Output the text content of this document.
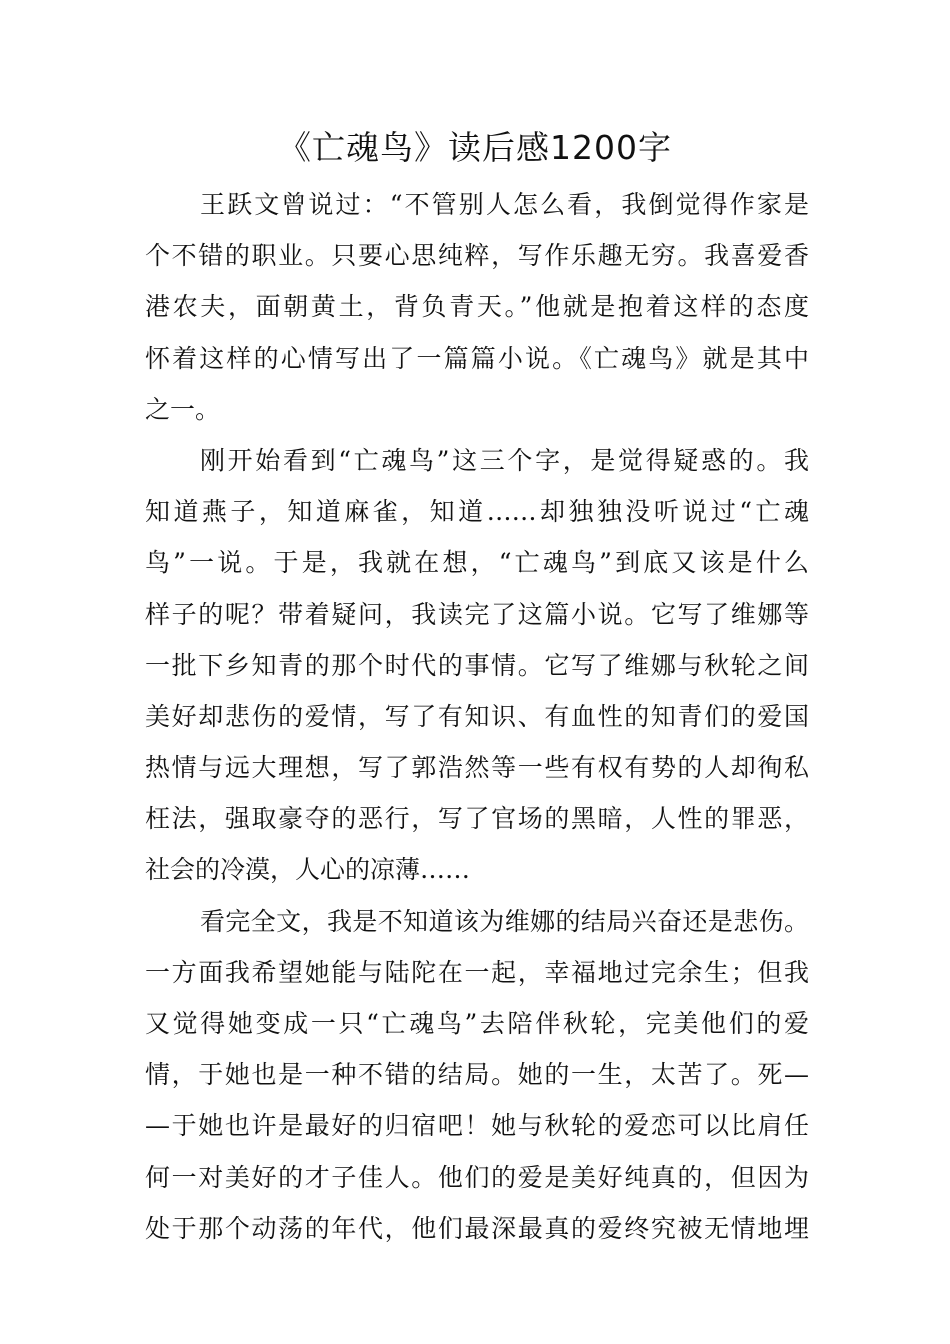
《亡魂鸟》读后感1200字
王跃文曾说过：“不管别人怎么看，我倒觉得作家是
个不错的职业。只要心思纯粹，写作乐趣无穷。我喜爱香
港农夫，面朝黄土，背负青天。”他就是抱着这样的态度
怀着这样的心情写出了一篇篇小说。《亡魂鸟》就是其中
之一。
刚开始看到“亡魂鸟”这三个字，是觉得疑惑的。我
知道燕子，知道麻雀，知道……却独独没听说过“亡魂
鸟”一说。于是，我就在想，“亡魂鸟”到底又该是什么
样子的呢？带着疑问，我读完了这篇小说。它写了维娜等
一批下乡知青的那个时代的事情。它写了维娜与秋轮之间
美好却悲伤的爱情，写了有知识、有血性的知青们的爱国
热情与远大理想，写了郭浩然等一些有权有势的人却徇私
枉法，强取豪夺的恶行，写了官场的黑暗，人性的罪恶，
社会的冷漠，人心的凉薄……
看完全文，我是不知道该为维娜的结局兴奋还是悲伤。
一方面我希望她能与陆陀在一起，幸福地过完余生；但我
又觉得她变成一只“亡魂鸟”去陪伴秋轮，完美他们的爱
情，于她也是一种不错的结局。她的一生，太苦了。死—
—于她也许是最好的归宿吧！她与秋轮的爱恋可以比肩任
何一对美好的才子佳人。他们的爱是美好纯真的，但因为
处于那个动荡的年代，他们最深最真的爱终究被无情地埋
